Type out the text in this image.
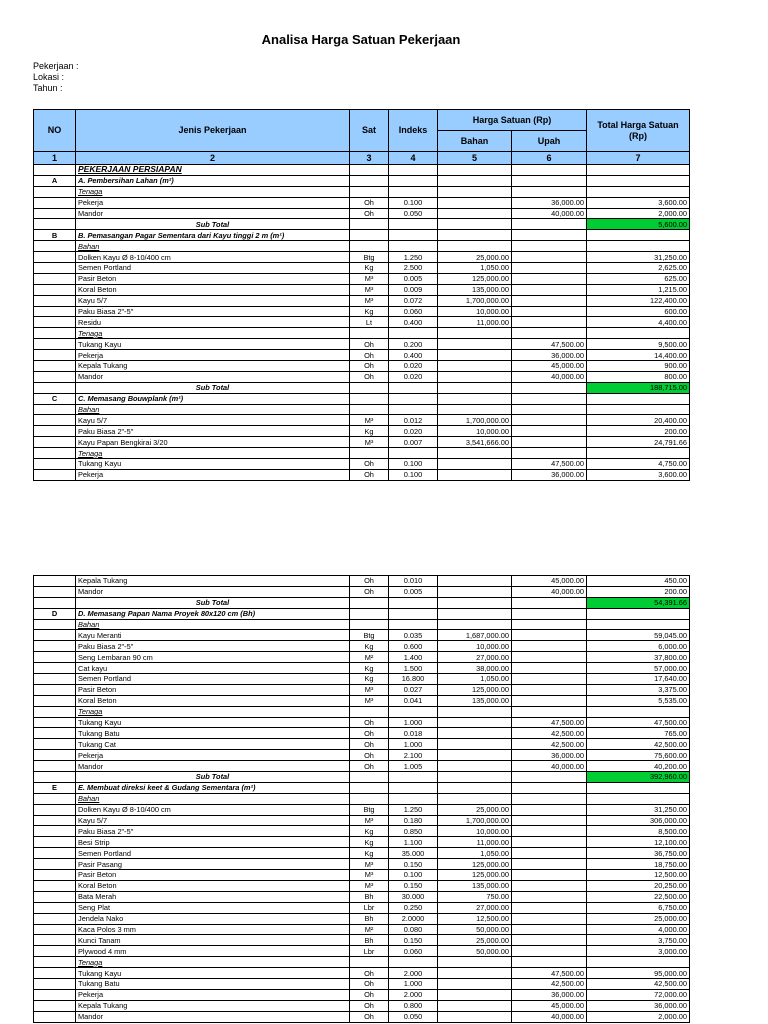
Analisa Harga Satuan Pekerjaan
Pekerjaan :
Lokasi :
Tahun :
NO	Jenis Pekerjaan	Sat	Indeks	Harga Satuan (Rp)		Total Harga Satuan (Rp)
				Bahan	Upah	
1	2	3	4	5	6	7
	PEKERJAAN PERSIAPAN					
A	A. Pembersihan Lahan (m²)					
	Tenaga					
	Pekerja	Oh	0.100		36,000.00	3,600.00
	Mandor	Oh	0.050		40,000.00	2,000.00
	Sub Total					5,600.00
B	B. Pemasangan Pagar Sementara dari Kayu tinggi 2 m (m¹)					
	Bahan					
	Dolken Kayu Ø 8-10/400 cm	Btg	1.250	25,000.00		31,250.00
	Semen Portland	Kg	2.500	1,050.00		2,625.00
	Pasir Beton	M³	0.005	125,000.00		625.00
	Koral Beton	M³	0.009	135,000.00		1,215.00
	Kayu 5/7	M³	0.072	1,700,000.00		122,400.00
	Paku Biasa 2"-5"	Kg	0.060	10,000.00		600.00
	Residu	Lt	0.400	11,000.00		4,400.00
	Tenaga					
	Tukang Kayu	Oh	0.200		47,500.00	9,500.00
	Pekerja	Oh	0.400		36,000.00	14,400.00
	Kepala Tukang	Oh	0.020		45,000.00	900.00
	Mandor	Oh	0.020		40,000.00	800.00
	Sub Total					188,715.00
C	C. Memasang Bouwplank (m¹)					
	Bahan					
	Kayu 5/7	M³	0.012	1,700,000.00		20,400.00
	Paku Biasa 2"-5"	Kg	0.020	10,000.00		200.00
	Kayu Papan Bengkirai 3/20	M³	0.007	3,541,666.00		24,791.66
	Tenaga					
	Tukang Kayu	Oh	0.100		47,500.00	4,750.00
	Pekerja	Oh	0.100		36,000.00	3,600.00
	Kepala Tukang	Oh	0.010		45,000.00	450.00
	Mandor	Oh	0.005		40,000.00	200.00
	Sub Total					54,391.66
D	D. Memasang Papan Nama Proyek 80x120 cm (Bh)					
	Bahan					
	Kayu Meranti	Btg	0.035	1,687,000.00		59,045.00
	Paku Biasa 2"-5"	Kg	0.600	10,000.00		6,000.00
	Seng Lembaran 90 cm	M²	1.400	27,000.00		37,800.00
	Cat kayu	Kg	1.500	38,000.00		57,000.00
	Semen Portland	Kg	16.800	1,050.00		17,640.00
	Pasir Beton	M³	0.027	125,000.00		3,375.00
	Koral Beton	M³	0.041	135,000.00		5,535.00
	Tenaga					
	Tukang Kayu	Oh	1.000		47,500.00	47,500.00
	Tukang Batu	Oh	0.018		42,500.00	765.00
	Tukang Cat	Oh	1.000		42,500.00	42,500.00
	Pekerja	Oh	2.100		36,000.00	75,600.00
	Mandor	Oh	1.005		40,000.00	40,200.00
	Sub Total					392,960.00
E	E. Membuat direksi keet & Gudang Sementara (m²)					
	Bahan					
	Dolken Kayu Ø 8-10/400 cm	Btg	1.250	25,000.00		31,250.00
	Kayu 5/7	M³	0.180	1,700,000.00		306,000.00
	Paku Biasa 2"-5"	Kg	0.850	10,000.00		8,500.00
	Besi Strip	Kg	1.100	11,000.00		12,100.00
	Semen Portland	Kg	35.000	1,050.00		36,750.00
	Pasir Pasang	M³	0.150	125,000.00		18,750.00
	Pasir Beton	M³	0.100	125,000.00		12,500.00
	Koral Beton	M³	0.150	135,000.00		20,250.00
	Bata Merah	Bh	30.000	750.00		22,500.00
	Seng Plat	Lbr	0.250	27,000.00		6,750.00
	Jendela Nako	Bh	2.0000	12,500.00		25,000.00
	Kaca Polos 3 mm	M²	0.080	50,000.00		4,000.00
	Kunci Tanam	Bh	0.150	25,000.00		3,750.00
	Plywood 4 mm	Lbr	0.060	50,000.00		3,000.00
	Tenaga					
	Tukang Kayu	Oh	2.000		47,500.00	95,000.00
	Tukang Batu	Oh	1.000		42,500.00	42,500.00
	Pekerja	Oh	2.000		36,000.00	72,000.00
	Kepala Tukang	Oh	0.800		45,000.00	36,000.00
	Mandor	Oh	0.050		40,000.00	2,000.00
